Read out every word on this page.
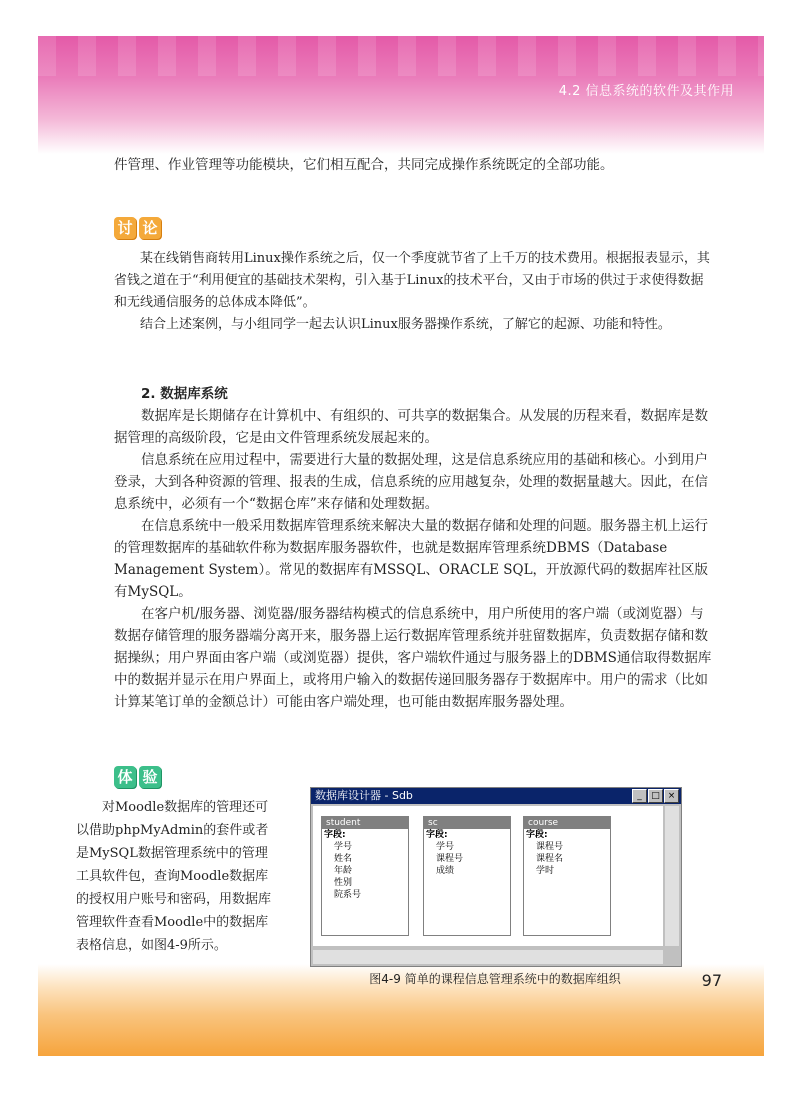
4.2 信息系统的软件及其作用

件管理、作业管理等功能模块，它们相互配合，共同完成操作系统既定的全部功能。

讨 论

某在线销售商转用Linux操作系统之后，仅一个季度就节省了上千万的技术费用。根据报表显示，其省钱之道在于“利用便宜的基础技术架构，引入基于Linux的技术平台，又由于市场的供过于求使得数据和无线通信服务的总体成本降低”。

结合上述案例，与小组同学一起去认识Linux服务器操作系统，了解它的起源、功能和特性。

2. 数据库系统

数据库是长期储存在计算机中、有组织的、可共享的数据集合。从发展的历程来看，数据库是数据管理的高级阶段，它是由文件管理系统发展起来的。

信息系统在应用过程中，需要进行大量的数据处理，这是信息系统应用的基础和核心。小到用户登录，大到各种资源的管理、报表的生成，信息系统的应用越复杂，处理的数据量越大。因此，在信息系统中，必须有一个“数据仓库”来存储和处理数据。

在信息系统中一般采用数据库管理系统来解决大量的数据存储和处理的问题。服务器主机上运行的管理数据库的基础软件称为数据库服务器软件，也就是数据库管理系统DBMS（Database Management System）。常见的数据库有MSSQL、ORACLE SQL，开放源代码的数据库社区版有MySQL。

在客户机/服务器、浏览器/服务器结构模式的信息系统中，用户所使用的客户端（或浏览器）与数据存储管理的服务器端分离开来，服务器上运行数据库管理系统并驻留数据库，负责数据存储和数据操纵；用户界面由客户端（或浏览器）提供，客户端软件通过与服务器上的DBMS通信取得数据库中的数据并显示在用户界面上，或将用户输入的数据传递回服务器存于数据库中。用户的需求（比如计算某笔订单的金额总计）可能由客户端处理，也可能由数据库服务器处理。

体 验
97

对Moodle数据库的管理还可以借助phpMyAdmin的套件或者是MySQL数据管理系统中的管理工具软件包，查询Moodle数据库的授权用户账号和密码，用数据库管理软件查看Moodle中的数据库表格信息，如图4-9所示。

数据库设计器 - Sdb	_	□ ×
student
字段:
学号
姓名
年龄
性别
院系号
sc
字段:
学号
课程号
成绩
course
字段:
课程号
课程名
学时
图4-9 简单的课程信息管理系统中的数据库组织
